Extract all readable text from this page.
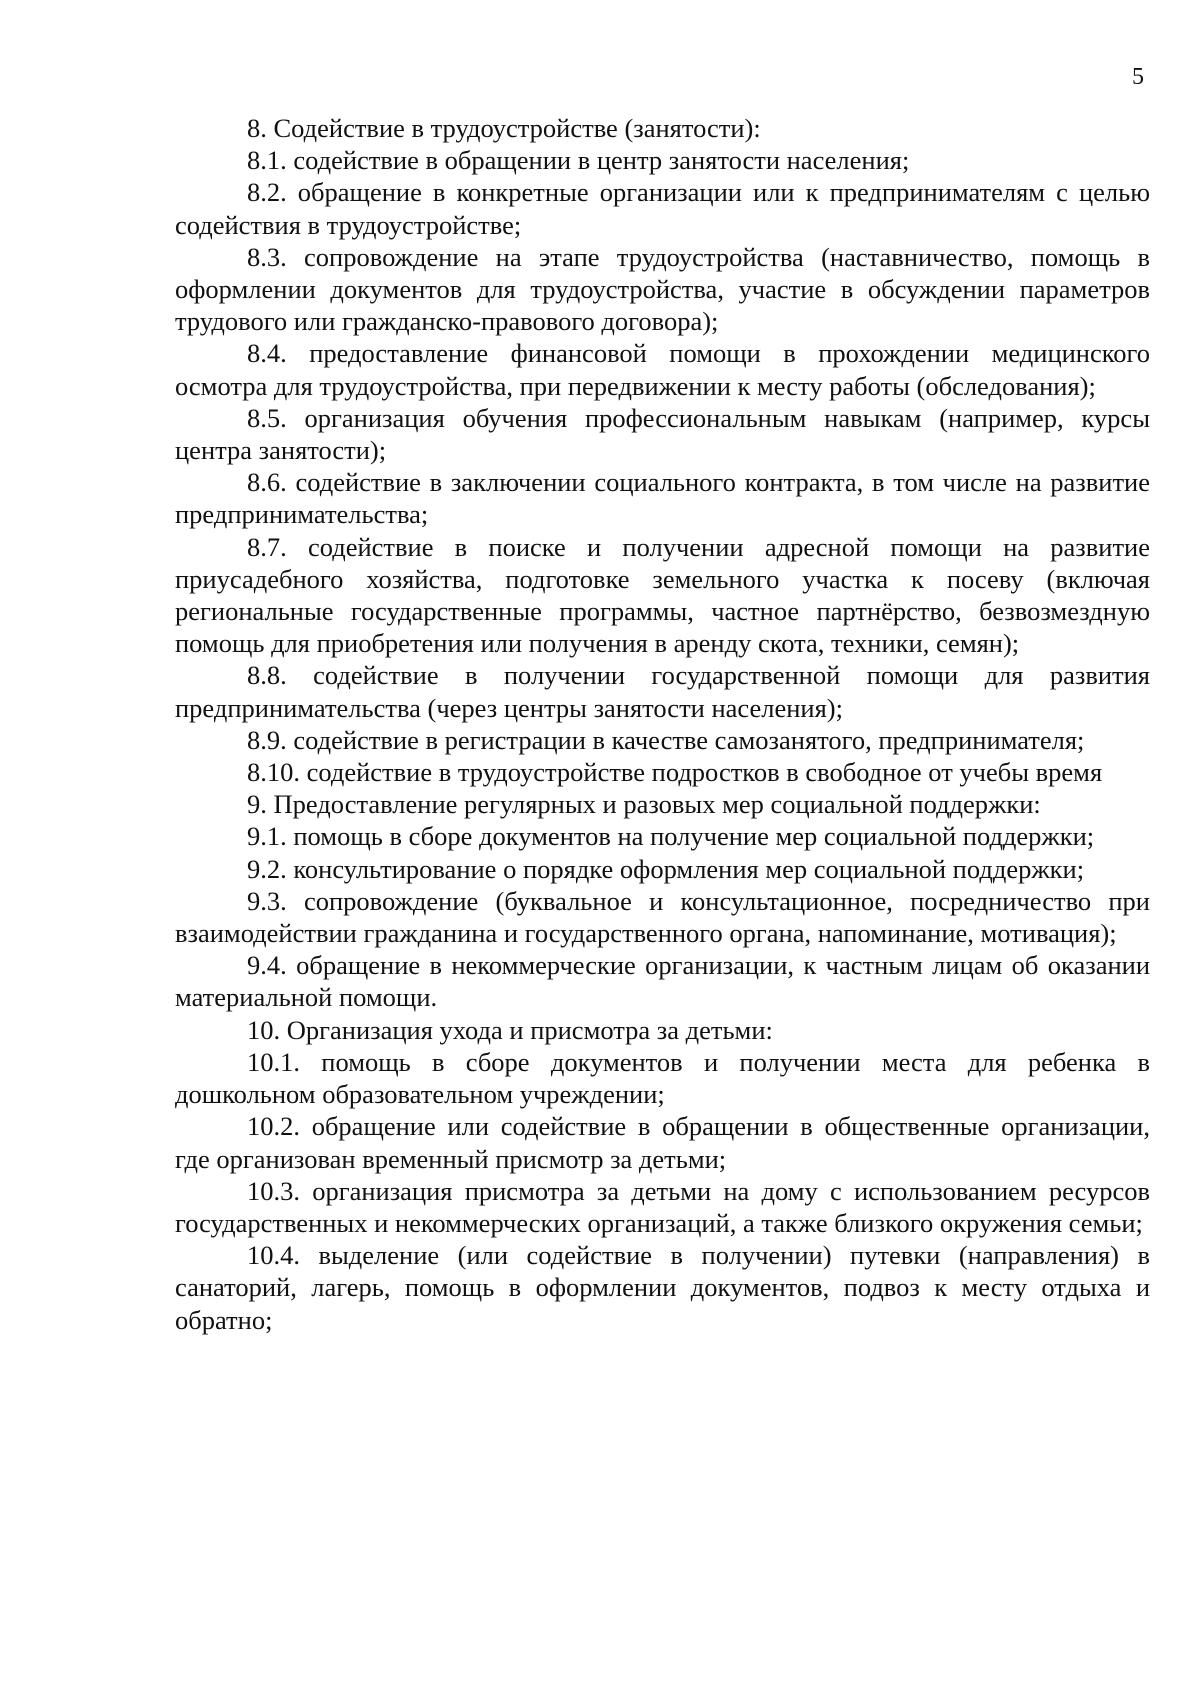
5

8. Содействие в трудоустройстве (занятости):

8.1. содействие в обращении в центр занятости населения;

8.2. обращение в конкретные организации или к предпринимателям с целью содействия в трудоустройстве;

8.3. сопровождение на этапе трудоустройства (наставничество, помощь в оформлении документов для трудоустройства, участие в обсуждении параметров трудового или гражданско-правового договора);

8.4. предоставление финансовой помощи в прохождении медицинского осмотра для трудоустройства, при передвижении к месту работы (обследования);

8.5. организация обучения профессиональным навыкам (например, курсы центра занятости);

8.6. содействие в заключении социального контракта, в том числе на развитие предпринимательства;

8.7. содействие в поиске и получении адресной помощи на развитие приусадебного хозяйства, подготовке земельного участка к посеву (включая региональные государственные программы, частное партнёрство, безвозмездную помощь для приобретения или получения в аренду скота, техники, семян);

8.8. содействие в получении государственной помощи для развития предпринимательства (через центры занятости населения);

8.9. содействие в регистрации в качестве самозанятого, предпринимателя;

8.10. содействие в трудоустройстве подростков в свободное от учебы время

9. Предоставление регулярных и разовых мер социальной поддержки:

9.1. помощь в сборе документов на получение мер социальной поддержки;

9.2. консультирование о порядке оформления мер социальной поддержки;

9.3. сопровождение (буквальное и консультационное, посредничество при взаимодействии гражданина и государственного органа, напоминание, мотивация);

9.4. обращение в некоммерческие организации, к частным лицам об оказании материальной помощи.

10. Организация ухода и присмотра за детьми:

10.1. помощь в сборе документов и получении места для ребенка в дошкольном образовательном учреждении;

10.2. обращение или содействие в обращении в общественные организации, где организован временный присмотр за детьми;

10.3. организация присмотра за детьми на дому с использованием ресурсов государственных и некоммерческих организаций, а также близкого окружения семьи;

10.4. выделение (или содействие в получении) путевки (направления) в санаторий, лагерь, помощь в оформлении документов, подвоз к месту отдыха и обратно;
